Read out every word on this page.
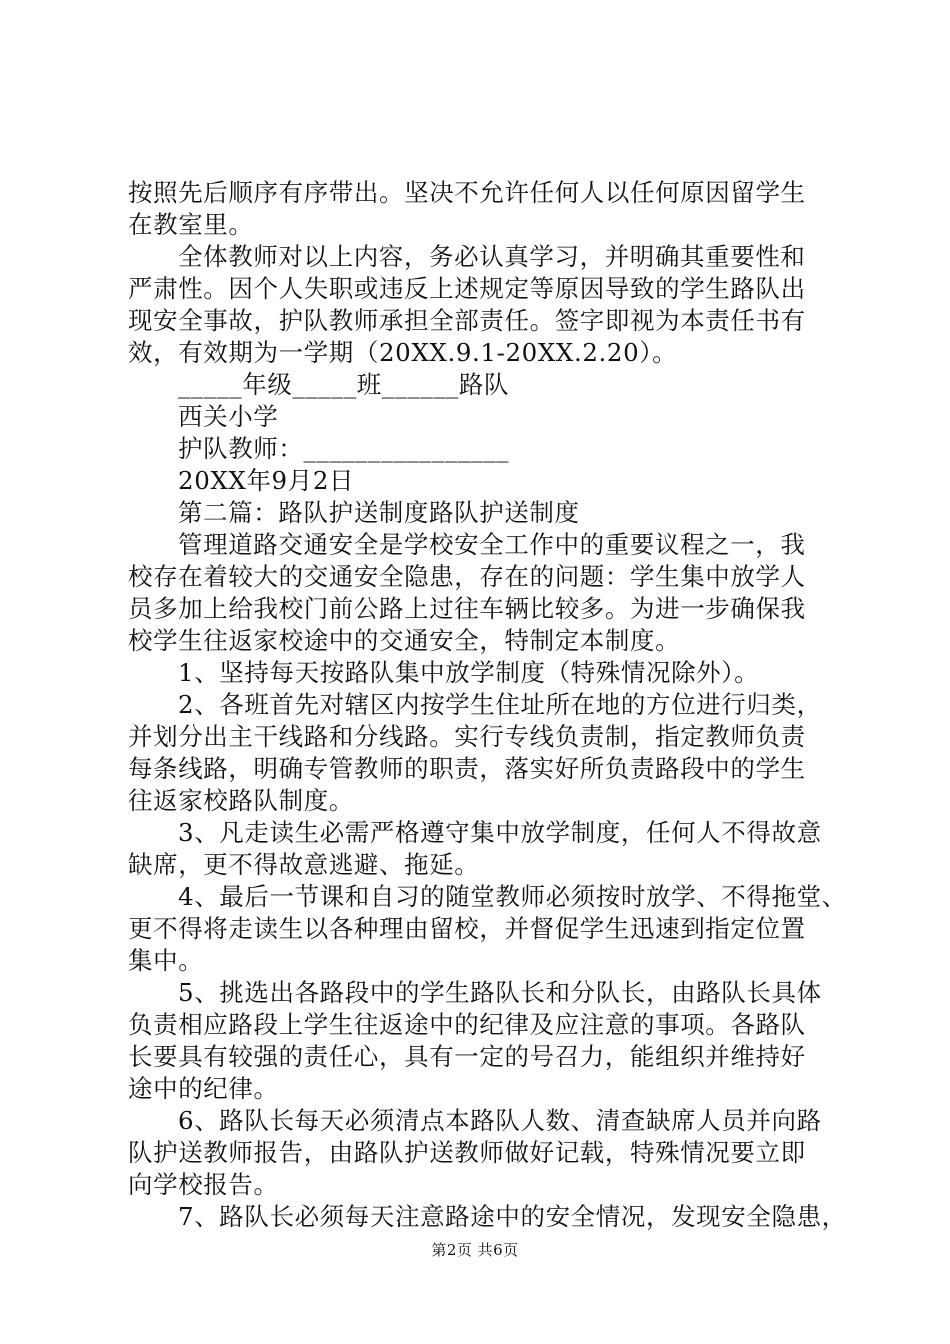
按照先后顺序有序带出。坚决不允许任何人以任何原因留学生
在教室里。
全体教师对以上内容，务必认真学习，并明确其重要性和
严肃性。因个人失职或违反上述规定等原因导致的学生路队出
现安全事故，护队教师承担全部责任。签字即视为本责任书有
效，有效期为一学期（20XX.9.1-20XX.2.20）。
_____年级_____班______路队
西关小学
护队教师：________________
20XX年9月2日
第二篇：路队护送制度路队护送制度
管理道路交通安全是学校安全工作中的重要议程之一，我
校存在着较大的交通安全隐患，存在的问题：学生集中放学人
员多加上给我校门前公路上过往车辆比较多。为进一步确保我
校学生往返家校途中的交通安全，特制定本制度。
1、坚持每天按路队集中放学制度（特殊情况除外）。
2、各班首先对辖区内按学生住址所在地的方位进行归类，
并划分出主干线路和分线路。实行专线负责制，指定教师负责
每条线路，明确专管教师的职责，落实好所负责路段中的学生
往返家校路队制度。
3、凡走读生必需严格遵守集中放学制度，任何人不得故意
缺席，更不得故意逃避、拖延。
4、最后一节课和自习的随堂教师必须按时放学、不得拖堂、
更不得将走读生以各种理由留校，并督促学生迅速到指定位置
集中。
5、挑选出各路段中的学生路队长和分队长，由路队长具体
负责相应路段上学生往返途中的纪律及应注意的事项。各路队
长要具有较强的责任心，具有一定的号召力，能组织并维持好
途中的纪律。
6、路队长每天必须清点本路队人数、清查缺席人员并向路
队护送教师报告，由路队护送教师做好记载，特殊情况要立即
向学校报告。
7、路队长必须每天注意路途中的安全情况，发现安全隐患，
第2页 共6页
